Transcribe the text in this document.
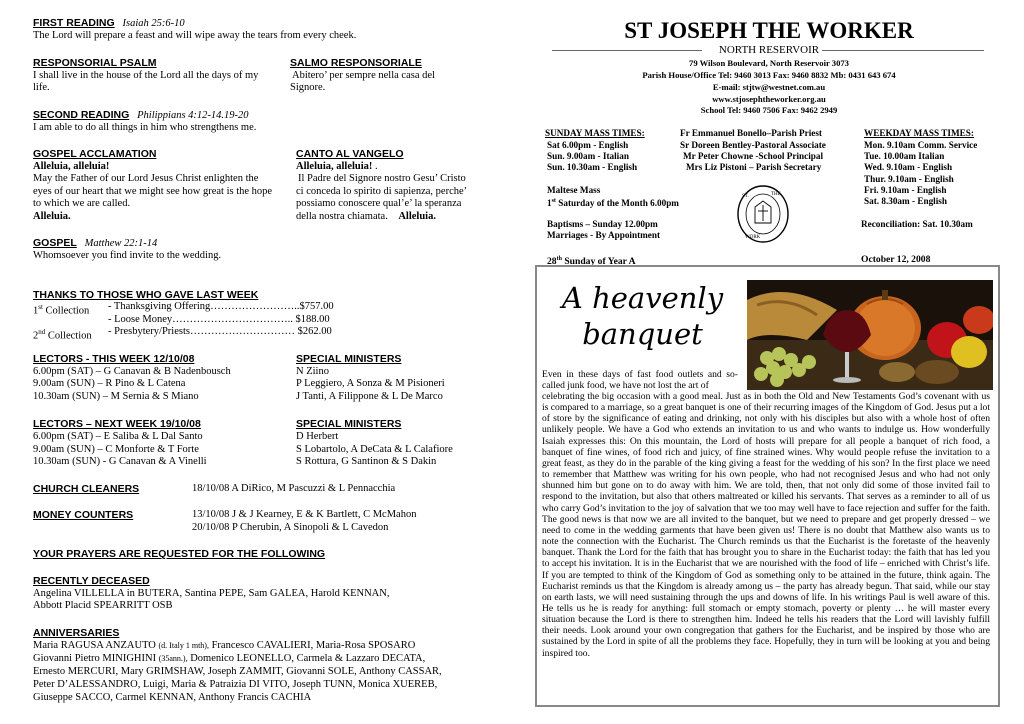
FIRST READING Isaiah 25:6-10
The Lord will prepare a feast and will wipe away the tears from every cheek.
RESPONSORIAL PSALM
I shall live in the house of the Lord all the days of my
life.
SALMO RESPONSORIALE
Abitero’ per sempre nella casa del
Signore.
SECOND READING Philippians 4:12-14.19-20
I am able to do all things in him who strengthens me.
GOSPEL ACCLAMATION
Alleluia, alleluia!
May the Father of our Lord Jesus Christ enlighten the
eyes of our heart that we might see how great is the hope
to which we are called.
Alleluia.
CANTO AL VANGELO
Alleluia, alleluia! .
Il Padre del Signore nostro Gesu’ Cristo
ci conceda lo spirito di sapienza, perche’
possiamo conoscere qual’e’ la speranza
della nostra chiamata. Alleluia.
GOSPEL Matthew 22:1-14
Whomsoever you find invite to the wedding.
THANKS TO THOSE WHO GAVE LAST WEEK
1st Collection - Thanksgiving Offering……………………..$757.00
- Loose Money…………………………….. $188.00
2nd Collection - Presbytery/Priests………………………… $262.00
LECTORS - THIS WEEK 12/10/08
6.00pm (SAT) – G Canavan & B Nadenbousch
9.00am (SUN) – R Pino & L Catena
10.30am (SUN) – M Sernia & S Miano
SPECIAL MINISTERS
N Ziino
P Leggiero, A Sonza & M Pisioneri
J Tanti, A Filippone & L De Marco
LECTORS – NEXT WEEK 19/10/08
6.00pm (SAT) – E Saliba & L Dal Santo
9.00am (SUN) – C Monforte & T Forte
10.30am (SUN) - G Canavan & A Vinelli
SPECIAL MINISTERS
D Herbert
S Lobartolo, A DeCata & L Calafiore
S Rottura, G Santinon & S Dakin
CHURCH CLEANERS	18/10/08 A DiRico, M Pascuzzi & L Pennacchia
MONEY COUNTERS	13/10/08 J & J Kearney, E & K Bartlett, C McMahon
20/10/08 P Cherubin, A Sinopoli & L Cavedon
YOUR PRAYERS ARE REQUESTED FOR THE FOLLOWING
RECENTLY DECEASED
Angelina VILLELLA in BUTERA, Santina PEPE, Sam GALEA, Harold KENNAN,
Abbott Placid SPEARRITT OSB
ANNIVERSARIES
Maria RAGUSA ANZAUTO (d. Italy 1 mth), Francesco CAVALIERI, Maria-Rosa SPOSARO
Giovanni Pietro MINIGHINI (35ann.), Domenico LEONELLO, Carmela & Lazzaro DECATA,
Ernesto MERCURI, Mary GRIMSHAW, Joseph ZAMMIT, Giovanni SOLE, Anthony CASSAR,
Peter D’ALESSANDRO, Luigi, Maria & Patraizia DI VITO, Joseph TUNN, Monica XUEREB,
Giuseppe SACCO, Carmel KENNAN, Anthony Francis CACHIA
ST JOSEPH THE WORKER
NORTH RESERVOIR
79 Wilson Boulevard, North Reservoir 3073
Parish House/Office Tel: 9460 3013 Fax: 9460 8832 Mb: 0431 643 674
E-mail: stjtw@westnet.com.au
www.stjosephtheworker.org.au
School Tel: 9460 7506 Fax: 9462 2949
SUNDAY MASS TIMES:
Sat 6.00pm - English
Sun. 9.00am - Italian
Sun. 10.30am - English
Maltese Mass
1st Saturday of the Month 6.00pm
Baptisms – Sunday 12.00pm
Marriages - By Appointment
Fr Emmanuel Bonello–Parish Priest
Sr Doreen Bentley-Pastoral Associate
Mr Peter Chowne -School Principal
Mrs Liz Pistoni – Parish Secretary
WEEKDAY MASS TIMES:
Mon. 9.10am Comm. Service
Tue. 10.00am Italian
Wed. 9.10am - English
Thur. 9.10am - English
Fri. 9.10am - English
Sat. 8.30am - English
Reconciliation: Sat. 10.30am
ST.	THE
WORK
28th Sunday of Year A	October 12, 2008
A heavenly
banquet
Even in these days of fast food outlets and so-called junk food, we have not lost the art of
celebrating the big occasion with a good meal. Just as in both the Old and New Testaments God’s covenant with us is compared to a marriage, so a great banquet is one of their recurring images of the Kingdom of God. Jesus put a lot of store by the significance of eating and drinking, not only with his disciples but also with a whole host of often unlikely people. We have a God who extends an invitation to us and who wants to indulge us. How wonderfully Isaiah expresses this: On this mountain, the Lord of hosts will prepare for all people a banquet of rich food, a banquet of fine wines, of food rich and juicy, of fine strained wines. Why would people refuse the invitation to a great feast, as they do in the parable of the king giving a feast for the wedding of his son? In the first place we need to remember that Matthew was writing for his own people, who had not recognised Jesus and who had not only shunned him but gone on to do away with him. We are told, then, that not only did some of those invited fail to respond to the invitation, but also that others maltreated or killed his servants. That serves as a reminder to all of us who carry God’s invitation to the joy of salvation that we too may well have to face rejection and suffer for the faith. The good news is that now we are all invited to the banquet, but we need to prepare and get properly dressed – we need to come in the wedding garments that have been given us! There is no doubt that Matthew also wants us to note the connection with the Eucharist. The Church reminds us that the Eucharist is the foretaste of the heavenly banquet. Thank the Lord for the faith that has brought you to share in the Eucharist today: the faith that has led you to accept his invitation. It is in the Eucharist that we are nourished with the food of life – enriched with Christ’s life. If you are tempted to think of the Kingdom of God as something only to be attained in the future, think again. The Eucharist reminds us that the Kingdom is already among us – the party has already begun. That said, while our stay on earth lasts, we will need sustaining through the ups and downs of life. In his writings Paul is well aware of this. He tells us he is ready for anything: full stomach or empty stomach, poverty or plenty … he will master every situation because the Lord is there to strengthen him. Indeed he tells his readers that the Lord will lavishly fulfill their needs. Look around your own congregation that gathers for the Eucharist, and be inspired by those who are sustained by the Lord in spite of all the problems they face. Hopefully, they in turn will be looking at you and being inspired too.
